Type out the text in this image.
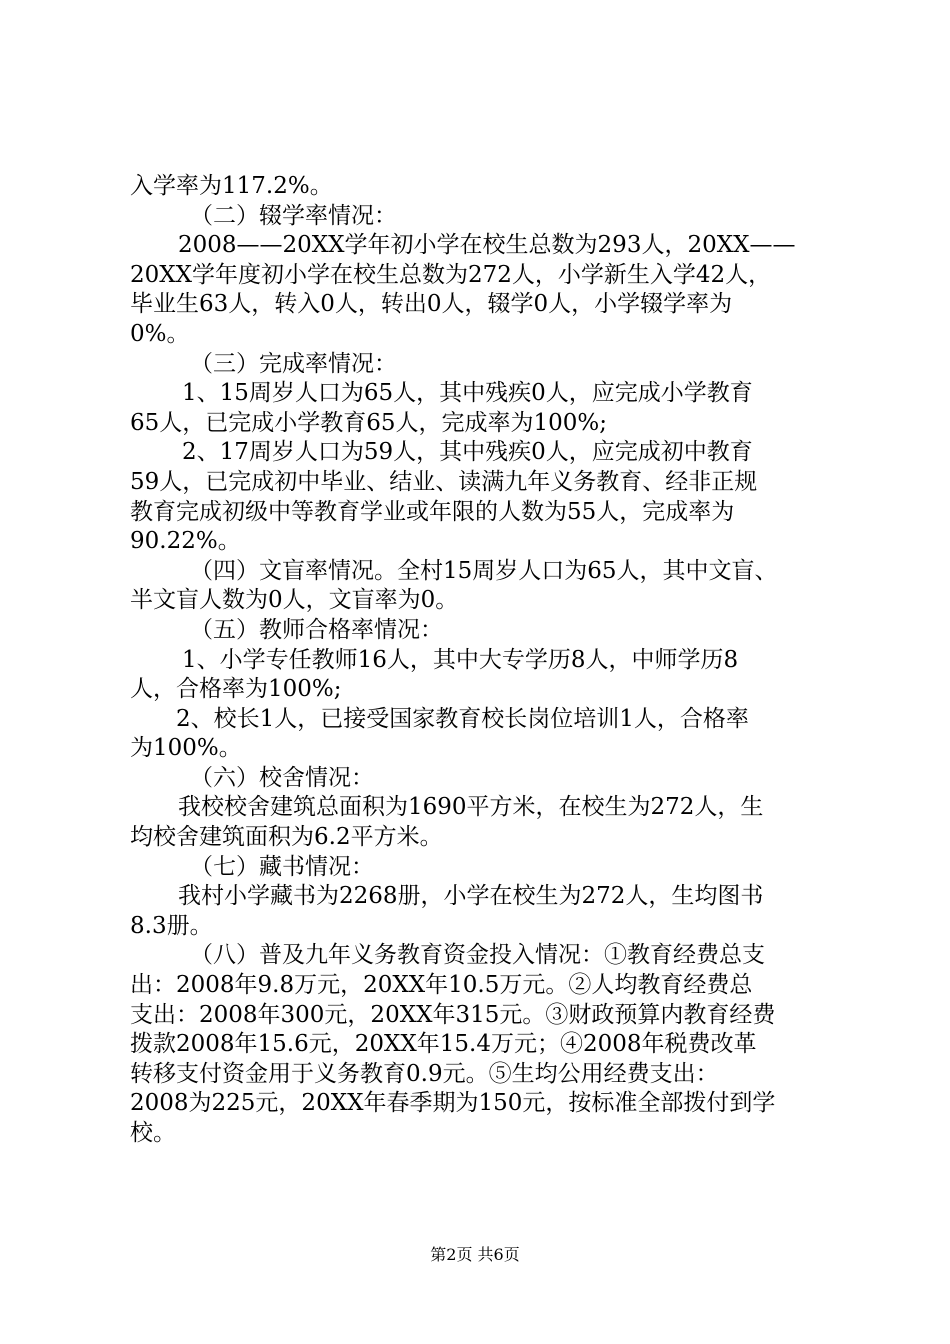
入学率为117.2%。
（二）辍学率情况：
2008——20XX学年初小学在校生总数为293人，20XX——
20XX学年度初小学在校生总数为272人，小学新生入学42人，
毕业生63人，转入0人，转出0人，辍学0人，小学辍学率为
0%。
（三）完成率情况：
1、15周岁人口为65人，其中残疾0人，应完成小学教育
65人，已完成小学教育65人，完成率为100%;
2、17周岁人口为59人，其中残疾0人，应完成初中教育
59人，已完成初中毕业、结业、读满九年义务教育、经非正规
教育完成初级中等教育学业或年限的人数为55人，完成率为
90.22%。
（四）文盲率情况。全村15周岁人口为65人，其中文盲、
半文盲人数为0人，文盲率为0。
（五）教师合格率情况：
1、小学专任教师16人，其中大专学历8人，中师学历8
人，合格率为100%;
2、校长1人，已接受国家教育校长岗位培训1人，合格率
为100%。
（六）校舍情况：
我校校舍建筑总面积为1690平方米，在校生为272人，生
均校舍建筑面积为6.2平方米。
（七）藏书情况：
我村小学藏书为2268册，小学在校生为272人，生均图书
8.3册。
（八）普及九年义务教育资金投入情况：①教育经费总支
出：2008年9.8万元，20XX年10.5万元。②人均教育经费总
支出：2008年300元，20XX年315元。③财政预算内教育经费
拨款2008年15.6元，20XX年15.4万元；④2008年税费改革
转移支付资金用于义务教育0.9元。⑤生均公用经费支出：
2008为225元，20XX年春季期为150元，按标准全部拨付到学
校。
第2页 共6页
